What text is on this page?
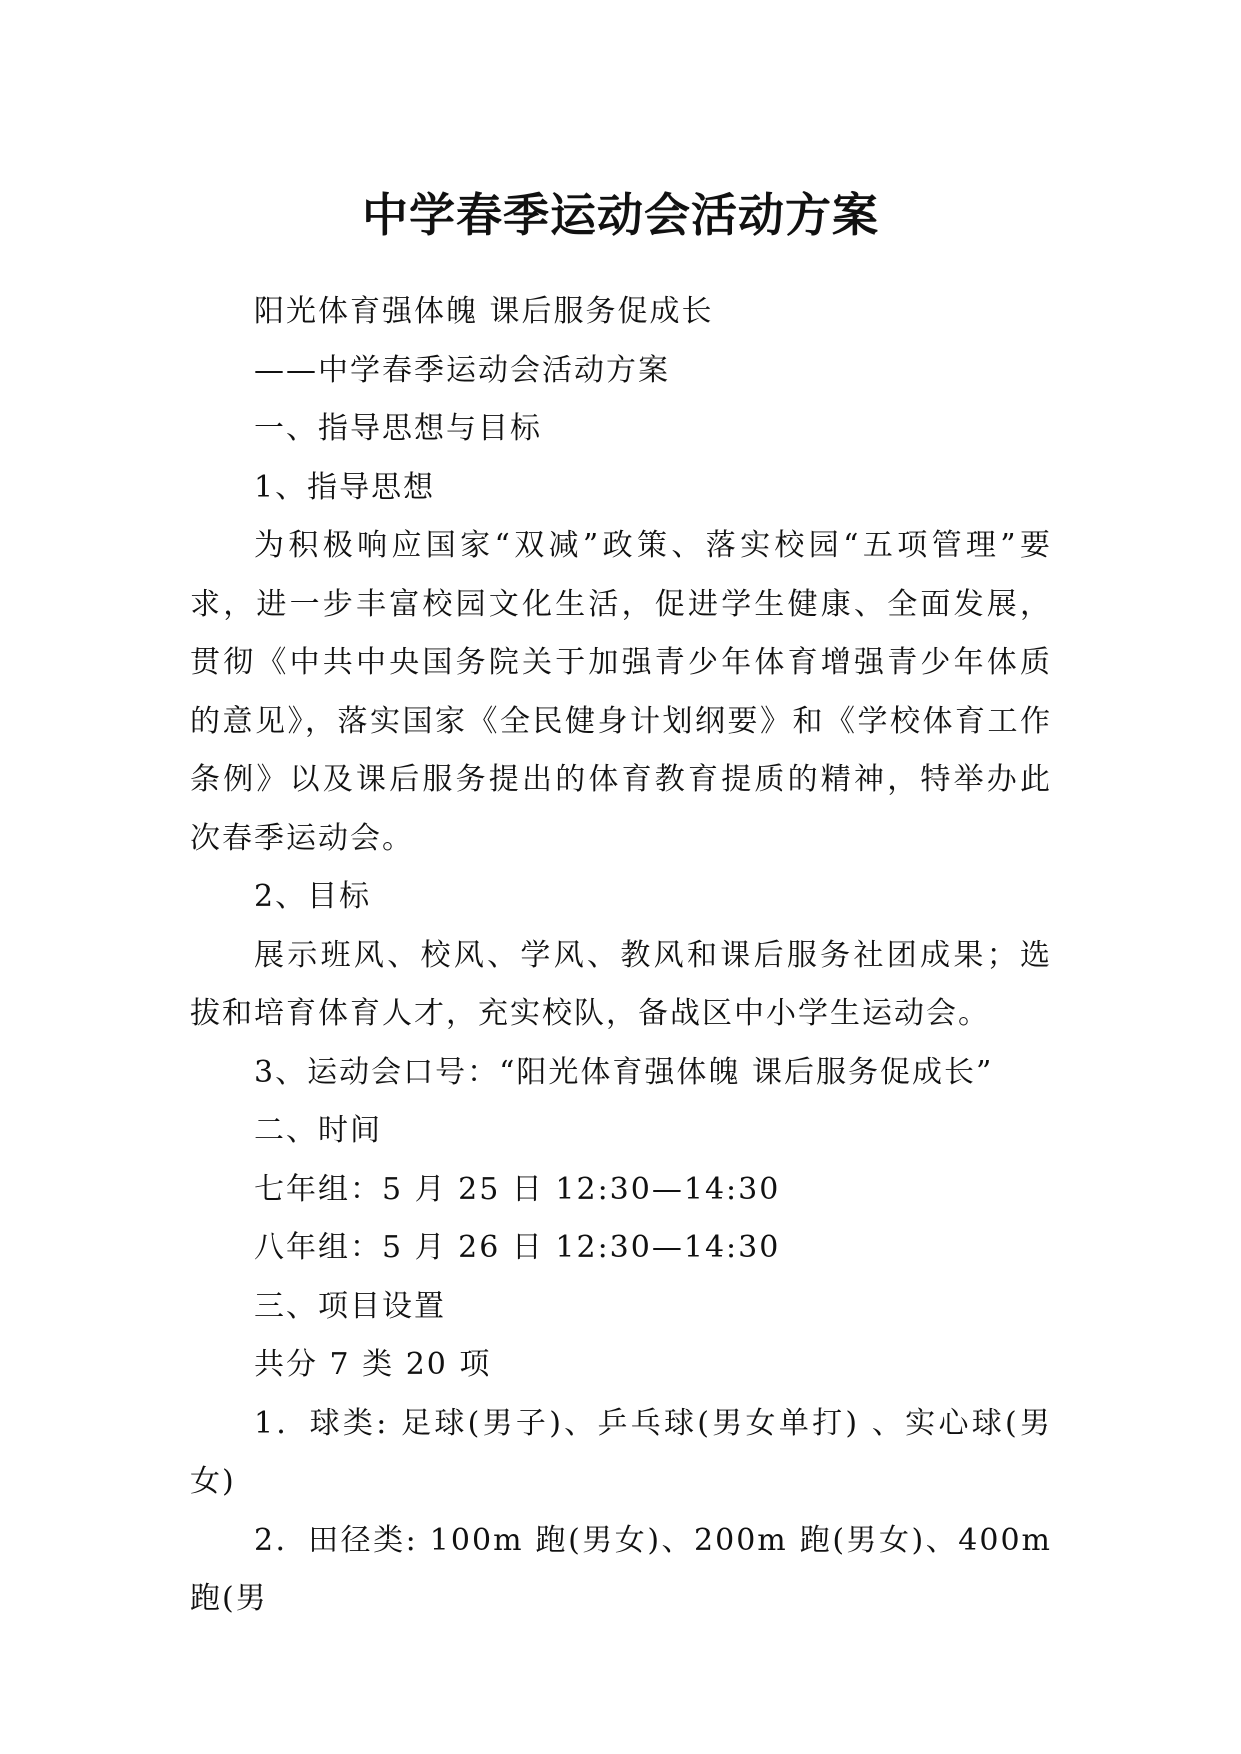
中学春季运动会活动方案

阳光体育强体魄 课后服务促成长

——中学春季运动会活动方案

一、指导思想与目标

1、指导思想

为积极响应国家“双减”政策、落实校园“五项管理”要求，进一步丰富校园文化生活，促进学生健康、全面发展，贯彻《中共中央国务院关于加强青少年体育增强青少年体质的意见》，落实国家《全民健身计划纲要》和《学校体育工作条例》以及课后服务提出的体育教育提质的精神，特举办此次春季运动会。

2、目标

展示班风、校风、学风、教风和课后服务社团成果；选拔和培育体育人才，充实校队，备战区中小学生运动会。

3、运动会口号：“阳光体育强体魄 课后服务促成长”

二、时间

七年组：5 月 25 日 12:30—14:30

八年组：5 月 26 日 12:30—14:30

三、项目设置

共分 7 类 20 项

1．球类: 足球(男子)、乒乓球(男女单打) 、实心球(男女)

2．田径类: 100m 跑(男女)、200m 跑(男女)、400m 跑(男
